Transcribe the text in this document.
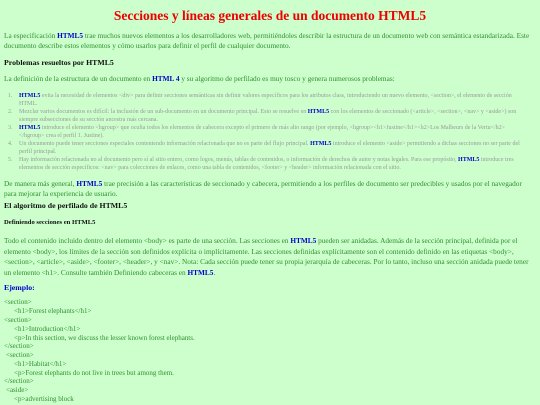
Secciones y líneas generales de un documento HTML5

La especificación HTML5 trae muchos nuevos elementos a los desarrolladores web, permitiéndoles describir la estructura de un documento web con semántica estandarizada. Este documento describe estos elementos y cómo usarlos para definir el perfil de cualquier documento.

Problemas resueltos por HTML5

La definición de la estructura de un documento en HTML 4 y su algoritmo de perfilado es muy tosco y genera numerosos problemas:

1. HTML5 evita la necesidad de elementos <div> para definir secciones semánticas sin definir valores específicos para los atributos class, introduciendo un nuevo elemento, <section>, el elemento de sección HTML.
2. Mezclar varios documentos es difícil: la inclusión de un sub-documento en un documento principal. Esto se resuelve en HTML5 con los elementos de seccionado (<article>, <section>, <nav> y <aside>) son siempre subsecciones de su sección ancestra más cercana.
3. HTML5 introduce el elemento <hgroup> que oculta todos los elementos de cabecera excepto el primero de más alto rango (por ejemplo, <hgroup><h1>Justine</h1><h2>Los Malheurs de la Vertu</h2></hgroup> crea el perfil 1. Justine).
4. Un documento puede tener secciones especiales conteniendo información relacionada que no es parte del flujo principal. HTML5 introduce el elemento <aside> permitiendo a dichas secciones no ser parte del perfil principal.
5. Hay información relacionada no al documento pero sí al sitio entero, como logos, menús, tablas de contenidos, o información de derechos de autor y notas legales. Para ese propósito, HTML5 introduce tres elementos de sección específicos: <nav> para colecciones de enlaces, como una tabla de contenidos, <footer> y <header> información relacionada con el sitio.

De manera más general, HTML5 trae precisión a las características de seccionado y cabecera, permitiendo a los perfiles de documento ser predecibles y usados por el navegador para mejorar la experiencia de usuario.

El algoritmo de perfilado de HTML5
Definiendo secciones en HTML5

Todo el contenido incluido dentro del elemento <body> es parte de una sección. Las secciones en HTML5 pueden ser anidadas. Además de la sección principal, definida por el elemento <body>, los límites de la sección son definidos explícita o implícitamente. Las secciones definidas explícitamente son el contenido definido en las etiquetas <body>, <section>, <article>, <aside>, <footer>, <header>, y <nav>. Nota: Cada sección puede tener su propia jerarquía de cabeceras. Por lo tanto, incluso una sección anidada puede tener un elemento <h1>. Consulte también Definiendo cabeceras en HTML5.

Ejemplo:
<section>
<h1>Forest elephants</h1>
<section>
<h1>Introduction</h1>
<p>In this section, we discuss the lesser known forest elephants.
</section>
<section>
<h1>Habitat</h1>
<p>Forest elephants do not live in trees but among them.
</section>
<aside>
<p>advertising block
